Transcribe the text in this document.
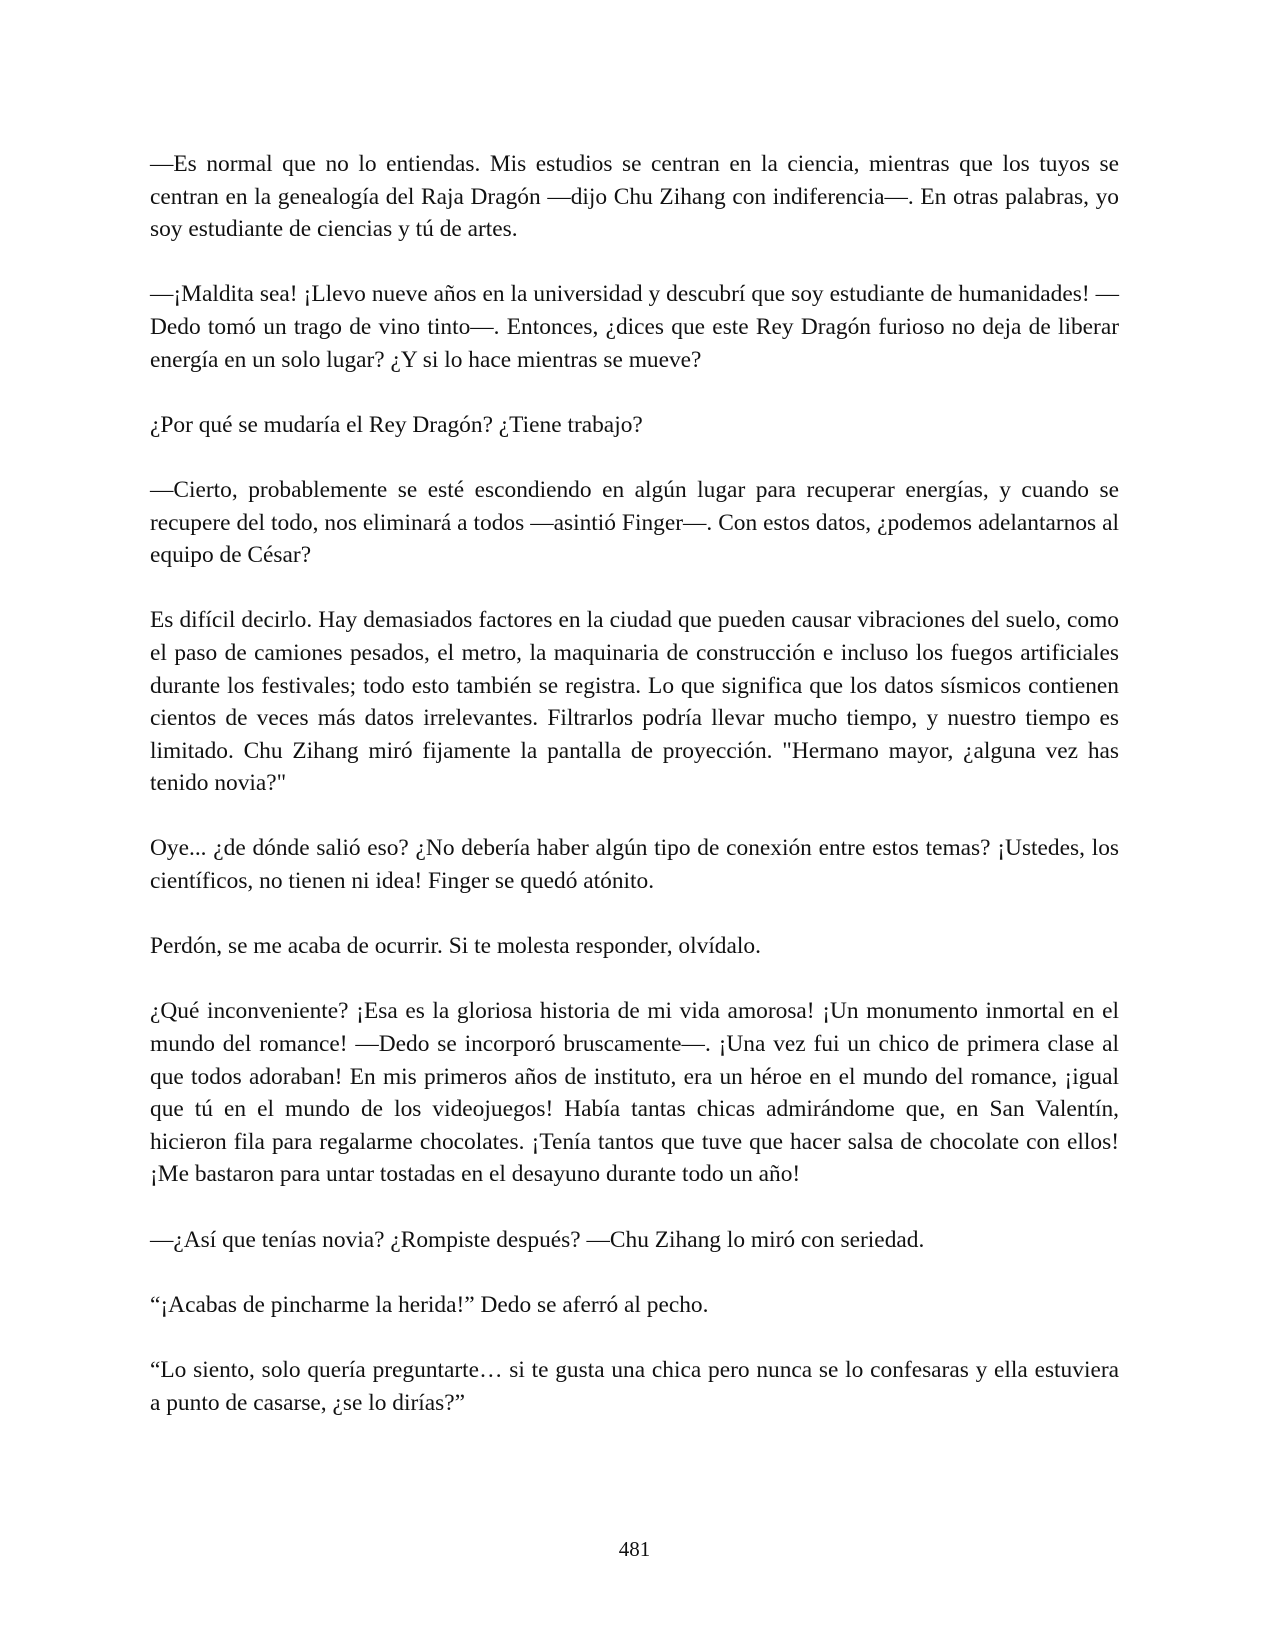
—Es normal que no lo entiendas. Mis estudios se centran en la ciencia, mientras que los tuyos se centran en la genealogía del Raja Dragón —dijo Chu Zihang con indiferencia—. En otras palabras, yo soy estudiante de ciencias y tú de artes.

—¡Maldita sea! ¡Llevo nueve años en la universidad y descubrí que soy estudiante de humanidades! —Dedo tomó un trago de vino tinto—. Entonces, ¿dices que este Rey Dragón furioso no deja de liberar energía en un solo lugar? ¿Y si lo hace mientras se mueve?

¿Por qué se mudaría el Rey Dragón? ¿Tiene trabajo?

—Cierto, probablemente se esté escondiendo en algún lugar para recuperar energías, y cuando se recupere del todo, nos eliminará a todos —asintió Finger—. Con estos datos, ¿podemos adelantarnos al equipo de César?

Es difícil decirlo. Hay demasiados factores en la ciudad que pueden causar vibraciones del suelo, como el paso de camiones pesados, el metro, la maquinaria de construcción e incluso los fuegos artificiales durante los festivales; todo esto también se registra. Lo que significa que los datos sísmicos contienen cientos de veces más datos irrelevantes. Filtrarlos podría llevar mucho tiempo, y nuestro tiempo es limitado. Chu Zihang miró fijamente la pantalla de proyección. "Hermano mayor, ¿alguna vez has tenido novia?"

Oye... ¿de dónde salió eso? ¿No debería haber algún tipo de conexión entre estos temas? ¡Ustedes, los científicos, no tienen ni idea! Finger se quedó atónito.

Perdón, se me acaba de ocurrir. Si te molesta responder, olvídalo.

¿Qué inconveniente? ¡Esa es la gloriosa historia de mi vida amorosa! ¡Un monumento inmortal en el mundo del romance! —Dedo se incorporó bruscamente—. ¡Una vez fui un chico de primera clase al que todos adoraban! En mis primeros años de instituto, era un héroe en el mundo del romance, ¡igual que tú en el mundo de los videojuegos! Había tantas chicas admirándome que, en San Valentín, hicieron fila para regalarme chocolates. ¡Tenía tantos que tuve que hacer salsa de chocolate con ellos! ¡Me bastaron para untar tostadas en el desayuno durante todo un año!

—¿Así que tenías novia? ¿Rompiste después? —Chu Zihang lo miró con seriedad.

“¡Acabas de pincharme la herida!” Dedo se aferró al pecho.

“Lo siento, solo quería preguntarte… si te gusta una chica pero nunca se lo confesaras y ella estuviera a punto de casarse, ¿se lo dirías?”

481
